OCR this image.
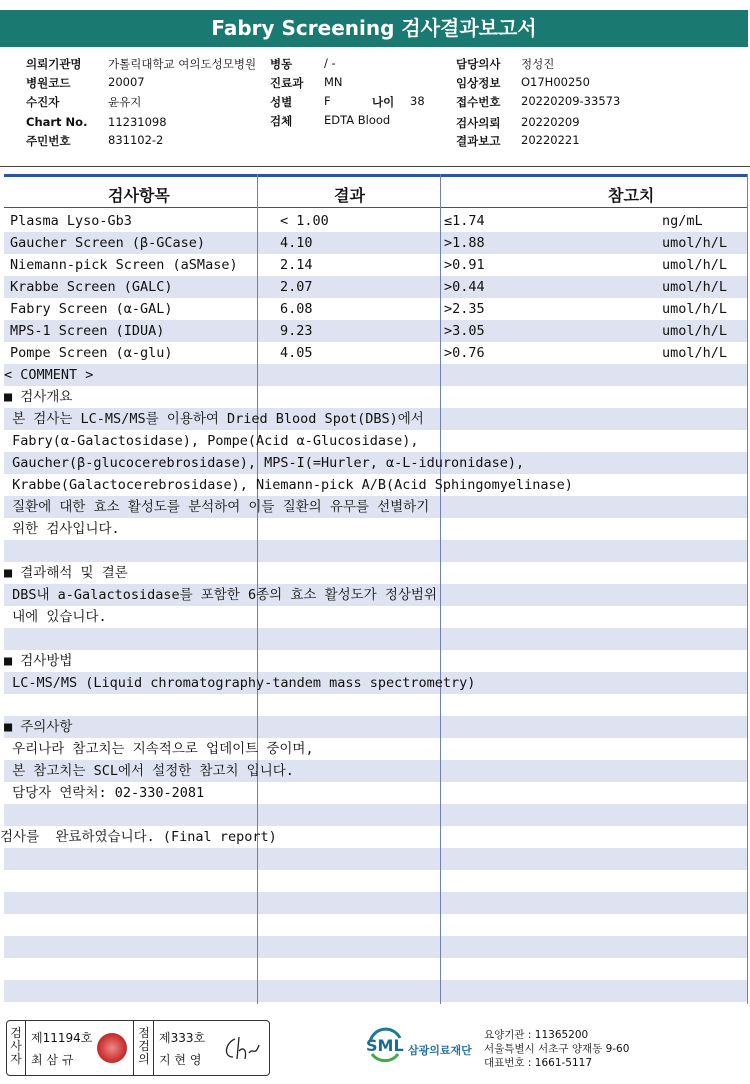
Fabry Screening 검사결과보고서
의뢰기관명 가톨릭대학교 여의도성모병원 병동	/ -	담당의사 정성진
병원코드	20007	진료과 MN	임상정보 O17H00250
수진자	윤유지	성별	F	나이 38	접수번호 20220209-33573
Chart No. 11231098	검체	EDTA Blood	검사의뢰 20220209
주민번호	831102-2	결과보고 20220221
검사항목	결과	참고치
Plasma Lyso-Gb3	< 1.00	≤1.74	ng/mL
Gaucher Screen (β-GCase)	4.10	>1.88	umol/h/L
Niemann-pick Screen (aSMase)	2.14	>0.91	umol/h/L
Krabbe Screen (GALC)	2.07	>0.44	umol/h/L
Fabry Screen (α-GAL)	6.08	>2.35	umol/h/L
MPS-1 Screen (IDUA)	9.23	>3.05	umol/h/L
Pompe Screen (α-glu)	4.05	>0.76	umol/h/L
< COMMENT >
■ 검사개요
본 검사는 LC-MS/MS를 이용하여 Dried Blood Spot(DBS)에서
Fabry(α-Galactosidase), Pompe(Acid α-Glucosidase),
Gaucher(β-glucocerebrosidase), MPS-I(=Hurler, α-L-iduronidase),
Krabbe(Galactocerebrosidase), Niemann-pick A/B(Acid Sphingomyelinase)
질환에 대한 효소 활성도를 분석하여 이들 질환의 유무를 선별하기
위한 검사입니다.
■ 결과해석 및 결론
DBS내 a-Galactosidase를 포함한 6종의 효소 활성도가 정상범위
내에 있습니다.
■ 검사방법
LC-MS/MS (Liquid chromatography-tandem mass spectrometry)
■ 주의사항
우리나라 참고치는 지속적으로 업데이트 중이며,
본 참고치는 SCL에서 설정한 참고치 입니다.
담당자 연락처: 02-330-2081
검사를  완료하였습니다. (Final report)
검
사
자
제11194호
최 삼 규
점
검
의
제333호
지 현 영
SML 삼광의료재단
요양기관 : 11365200
서울특별시 서초구 양재동 9-60
대표번호 : 1661-5117
